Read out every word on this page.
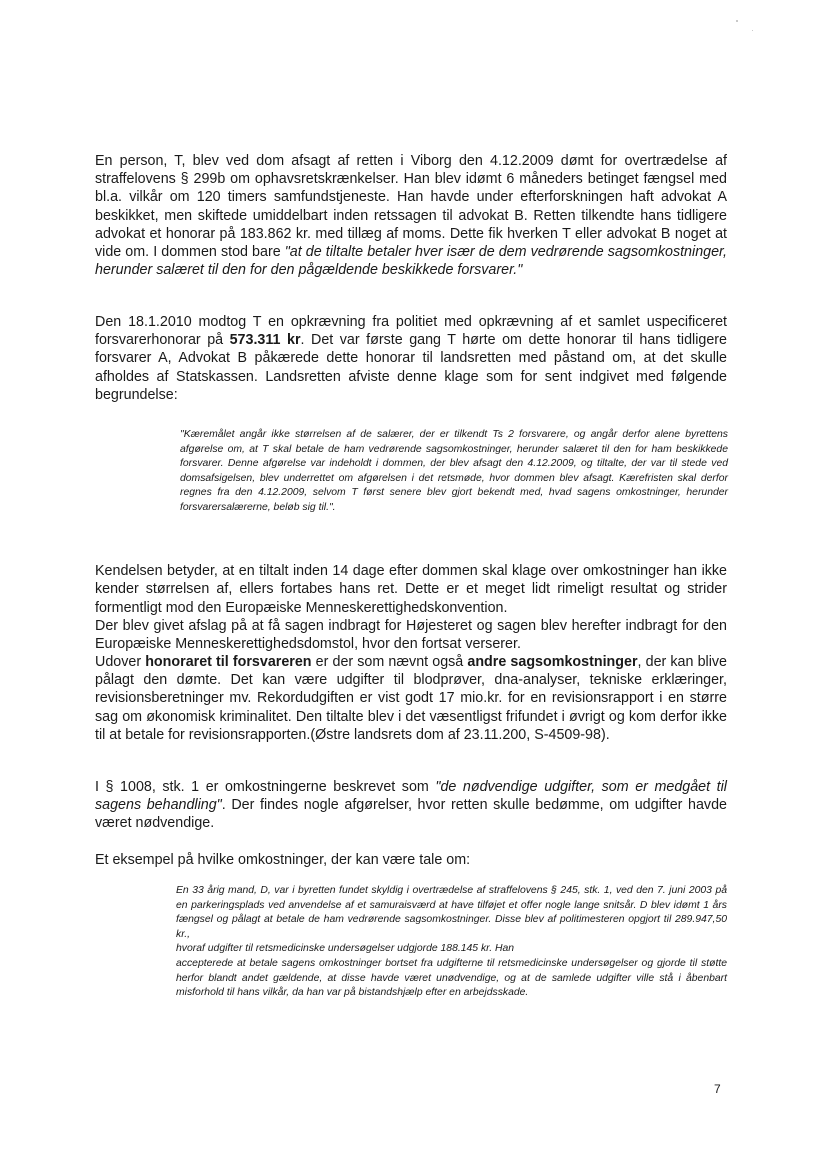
En person, T, blev ved dom afsagt af retten i Viborg den 4.12.2009 dømt for overtrædelse af straffelovens § 299b om ophavsretskrænkelser. Han blev idømt 6 måneders betinget fængsel med bl.a. vilkår om 120 timers samfundstjeneste. Han havde under efterforskningen haft advokat A beskikket, men skiftede umiddelbart inden retssagen til advokat B. Retten tilkendte hans tidligere advokat et honorar på 183.862 kr. med tillæg af moms. Dette fik hverken T eller advokat B noget at vide om. I dommen stod bare "at de tiltalte betaler hver især de dem vedrørende sagsomkostninger, herunder salæret til den for den pågældende beskikkede forsvarer."

Den 18.1.2010 modtog T en opkrævning fra politiet med opkrævning af et samlet uspecificeret forsvarerhonorar på 573.311 kr. Det var første gang T hørte om dette honorar til hans tidligere forsvarer A, Advokat B påkærede dette honorar til landsretten med påstand om, at det skulle afholdes af Statskassen. Landsretten afviste denne klage som for sent indgivet med følgende begrundelse:

"Kæremålet angår ikke størrelsen af de salærer, der er tilkendt Ts 2 forsvarere, og angår derfor alene byrettens afgørelse om, at T skal betale de ham vedrørende sagsomkostninger, herunder salæret til den for ham beskikkede forsvarer. Denne afgørelse var indeholdt i dommen, der blev afsagt den 4.12.2009, og tiltalte, der var til stede ved domsafsigelsen, blev underrettet om afgørelsen i det retsmøde, hvor dommen blev afsagt. Kærefristen skal derfor regnes fra den 4.12.2009, selvom T først senere blev gjort bekendt med, hvad sagens omkostninger, herunder forsvarersalærerne, beløb sig til.".

Kendelsen betyder, at en tiltalt inden 14 dage efter dommen skal klage over omkostninger han ikke kender størrelsen af, ellers fortabes hans ret. Dette er et meget lidt rimeligt resultat og strider formentligt mod den Europæiske Menneskerettighedskonvention.
Der blev givet afslag på at få sagen indbragt for Højesteret og sagen blev herefter indbragt for den Europæiske Menneskerettighedsdomstol, hvor den fortsat verserer.

Udover honoraret til forsvareren er der som nævnt også andre sagsomkostninger, der kan blive pålagt den dømte. Det kan være udgifter til blodprøver, dna-analyser, tekniske erklæringer, revisionsberetninger mv. Rekordudgiften er vist godt 17 mio.kr. for en revisionsrapport i en større sag om økonomisk kriminalitet. Den tiltalte blev i det væsentligst frifundet i øvrigt og kom derfor ikke til at betale for revisionsrapporten.(Østre landsrets dom af 23.11.200, S-4509-98).

I § 1008, stk. 1 er omkostningerne beskrevet som "de nødvendige udgifter, som er medgået til sagens behandling". Der findes nogle afgørelser, hvor retten skulle bedømme, om udgifter havde været nødvendige.

Et eksempel på hvilke omkostninger, der kan være tale om:

En 33 årig mand, D, var i byretten fundet skyldig i overtrædelse af straffelovens § 245, stk. 1, ved den 7. juni 2003 på en parkeringsplads ved anvendelse af et samuraisværd at have tilføjet et offer nogle lange snitsår. D blev idømt 1 års fængsel og pålagt at betale de ham vedrørende sagsomkostninger. Disse blev af politimesteren opgjort til 289.947,50 kr.,
hvoraf udgifter til retsmedicinske undersøgelser udgjorde 188.145 kr. Han
accepterede at betale sagens omkostninger bortset fra udgifterne til retsmedicinske undersøgelser og gjorde til støtte herfor blandt andet gældende, at disse havde været unødvendige, og at de samlede udgifter ville stå i åbenbart misforhold til hans vilkår, da han var på bistandshjælp efter en arbejdsskade.

7
